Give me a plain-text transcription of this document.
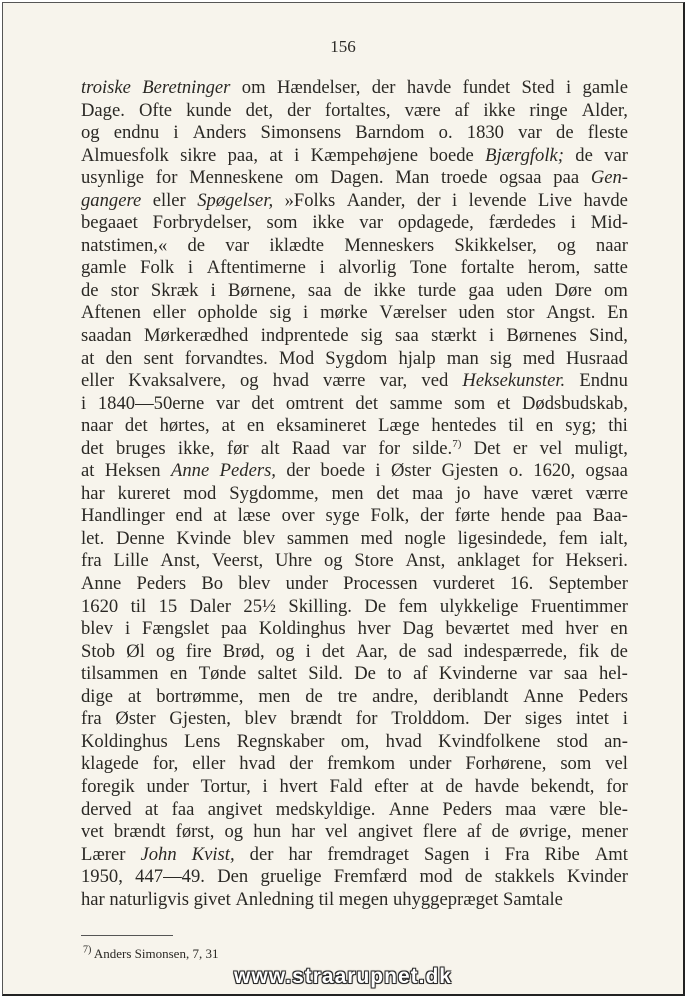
156
troiske Beretninger om Hændelser, der havde fundet Sted i gamle
Dage. Ofte kunde det, der fortaltes, være af ikke ringe Alder,
og endnu i Anders Simonsens Barndom o. 1830 var de fleste
Almuesfolk sikre paa, at i Kæmpehøjene boede Bjærgfolk; de var
usynlige for Menneskene om Dagen. Man troede ogsaa paa Gen-
gangere eller Spøgelser, »Folks Aander, der i levende Live havde
begaaet Forbrydelser, som ikke var opdagede, færdedes i Mid-
natstimen,« de var iklædte Menneskers Skikkelser, og naar
gamle Folk i Aftentimerne i alvorlig Tone fortalte herom, satte
de stor Skræk i Børnene, saa de ikke turde gaa uden Døre om
Aftenen eller opholde sig i mørke Værelser uden stor Angst. En
saadan Mørkerædhed indprentede sig saa stærkt i Børnenes Sind,
at den sent forvandtes. Mod Sygdom hjalp man sig med Husraad
eller Kvaksalvere, og hvad værre var, ved Heksekunster. Endnu
i 1840—50erne var det omtrent det samme som et Dødsbudskab,
naar det hørtes, at en eksamineret Læge hentedes til en syg; thi
det bruges ikke, før alt Raad var for silde.$^{7)}$ Det er vel muligt,
at Heksen Anne Peders, der boede i Øster Gjesten o. 1620, ogsaa
har kureret mod Sygdomme, men det maa jo have været værre
Handlinger end at læse over syge Folk, der førte hende paa Baa-
let. Denne Kvinde blev sammen med nogle ligesindede, fem ialt,
fra Lille Anst, Veerst, Uhre og Store Anst, anklaget for Hekseri.
Anne Peders Bo blev under Processen vurderet 16. September
1620 til 15 Daler 25½ Skilling. De fem ulykkelige Fruentimmer
blev i Fængslet paa Koldinghus hver Dag beværtet med hver en
Stob Øl og fire Brød, og i det Aar, de sad indespærrede, fik de
tilsammen en Tønde saltet Sild. De to af Kvinderne var saa hel-
dige at bortrømme, men de tre andre, deriblandt Anne Peders
fra Øster Gjesten, blev brændt for Trolddom. Der siges intet i
Koldinghus Lens Regnskaber om, hvad Kvindfolkene stod an-
klagede for, eller hvad der fremkom under Forhørene, som vel
foregik under Tortur, i hvert Fald efter at de havde bekendt, for
derved at faa angivet medskyldige. Anne Peders maa være ble-
vet brændt først, og hun har vel angivet flere af de øvrige, mener
Lærer John Kvist, der har fremdraget Sagen i Fra Ribe Amt
1950, 447—49. Den gruelige Fremfærd mod de stakkels Kvinder
har
naturligvis
givet
Anledning
til
megen
uhyggepræget
Samtale

$^{7)}$ Anders Simonsen, 7, 31
www.straarupnet.dk
